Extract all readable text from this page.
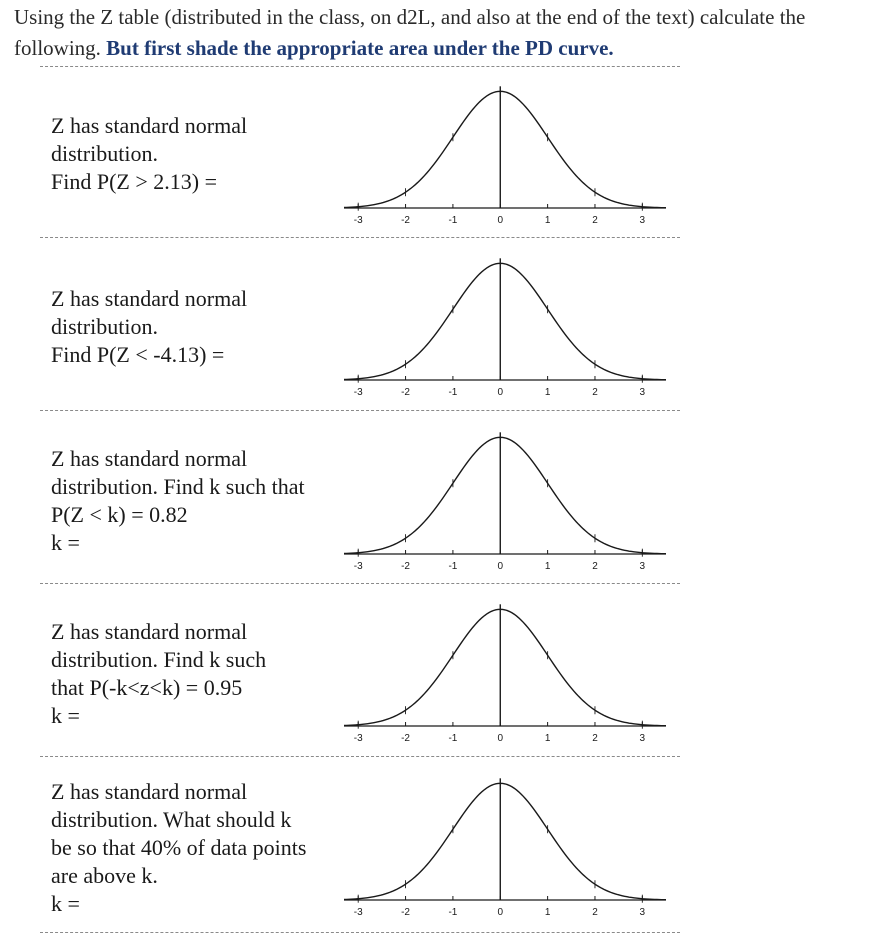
Using the Z table (distributed in the class, on d2L, and also at the end of the text) calculate the following. But first shade the appropriate area under the PD curve.
Z has standard normal
distribution.
Find P(Z > 2.13) =
-3	-2	-1	0	1	2	3
Z has standard normal
distribution.
Find P(Z < -4.13) =
-3	-2	-1	0	1	2	3
Z has standard normal
distribution. Find k such that
P(Z < k) = 0.82
k =
-3	-2	-1	0	1	2	3
Z has standard normal
distribution. Find k such
that P(-k<z<k) = 0.95
k =
-3	-2	-1	0	1	2	3
Z has standard normal
distribution. What should k
be so that 40% of data points
are above k.
k =	-3	-2	-1	0	1	2	3
